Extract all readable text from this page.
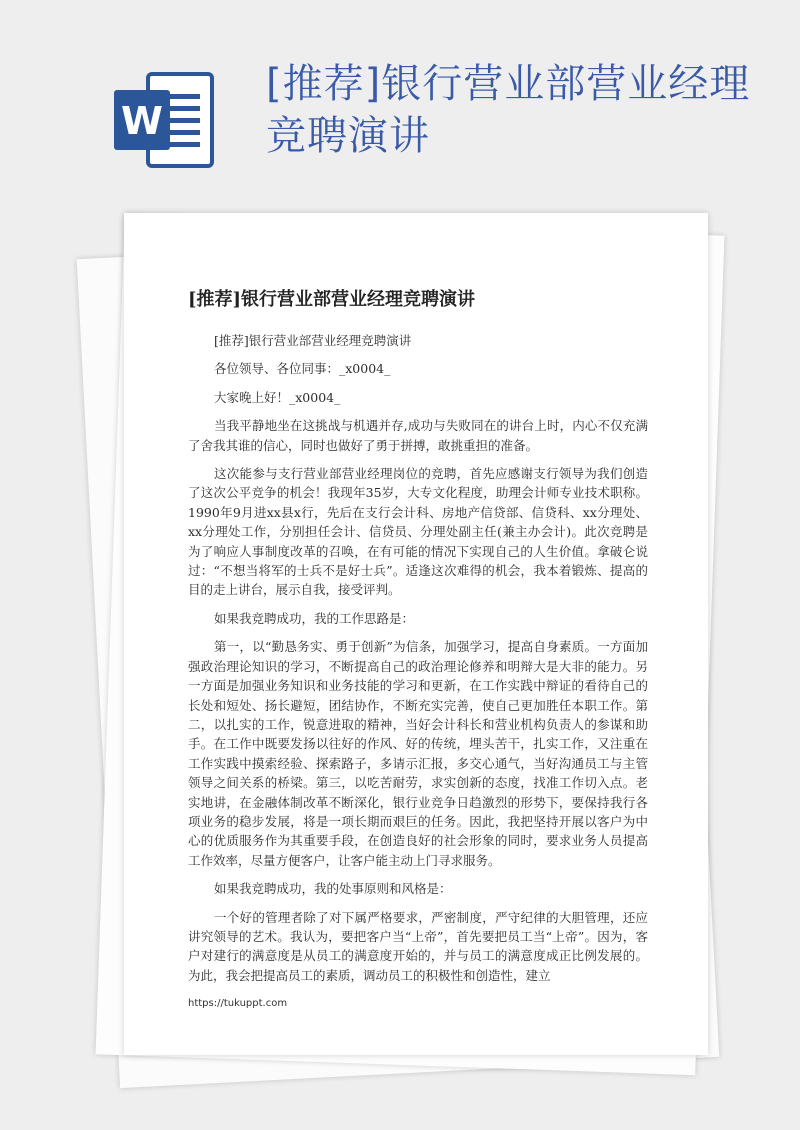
W
[推荐]银行营业部营业经理竞聘演讲
[推荐]银行营业部营业经理竞聘演讲

[推荐]银行营业部营业经理竞聘演讲

各位领导、各位同事：_x0004_

大家晚上好！_x0004_

当我平静地坐在这挑战与机遇并存,成功与失败同在的讲台上时，内心不仅充满了舍我其谁的信心，同时也做好了勇于拼搏，敢挑重担的准备。

这次能参与支行营业部营业经理岗位的竞聘，首先应感谢支行领导为我们创造了这次公平竞争的机会！我现年35岁，大专文化程度，助理会计师专业技术职称。1990年9月进xx县x行，先后在支行会计科、房地产信贷部、信贷科、xx分理处、xx分理处工作，分别担任会计、信贷员、分理处副主任(兼主办会计)。此次竞聘是为了响应人事制度改革的召唤，在有可能的情况下实现自己的人生价值。拿破仑说过：“不想当将军的士兵不是好士兵”。适逢这次难得的机会，我本着锻炼、提高的目的走上讲台，展示自我，接受评判。

如果我竞聘成功，我的工作思路是：

第一，以“勤恳务实、勇于创新”为信条，加强学习，提高自身素质。一方面加强政治理论知识的学习，不断提高自己的政治理论修养和明辩大是大非的能力。另一方面是加强业务知识和业务技能的学习和更新，在工作实践中辩证的看待自己的长处和短处、扬长避短，团结协作，不断充实完善，使自己更加胜任本职工作。第二，以扎实的工作，锐意进取的精神，当好会计科长和营业机构负责人的参谋和助手。在工作中既要发扬以往好的作风、好的传统，埋头苦干，扎实工作，又注重在工作实践中摸索经验、探索路子，多请示汇报，多交心通气，当好沟通员工与主管领导之间关系的桥梁。第三，以吃苦耐劳，求实创新的态度，找准工作切入点。老实地讲，在金融体制改革不断深化，银行业竞争日趋激烈的形势下，要保持我行各项业务的稳步发展，将是一项长期而艰巨的任务。因此，我把坚持开展以客户为中心的优质服务作为其重要手段，在创造良好的社会形象的同时，要求业务人员提高工作效率，尽量方便客户，让客户能主动上门寻求服务。

如果我竞聘成功，我的处事原则和风格是：

一个好的管理者除了对下属严格要求，严密制度，严守纪律的大胆管理，还应讲究领导的艺术。我认为，要把客户当“上帝”，首先要把员工当“上帝”。因为，客户对建行的满意度是从员工的满意度开始的，并与员工的满意度成正比例发展的。为此，我会把提高员工的素质，调动员工的积极性和创造性，建立

https://tukuppt.com
